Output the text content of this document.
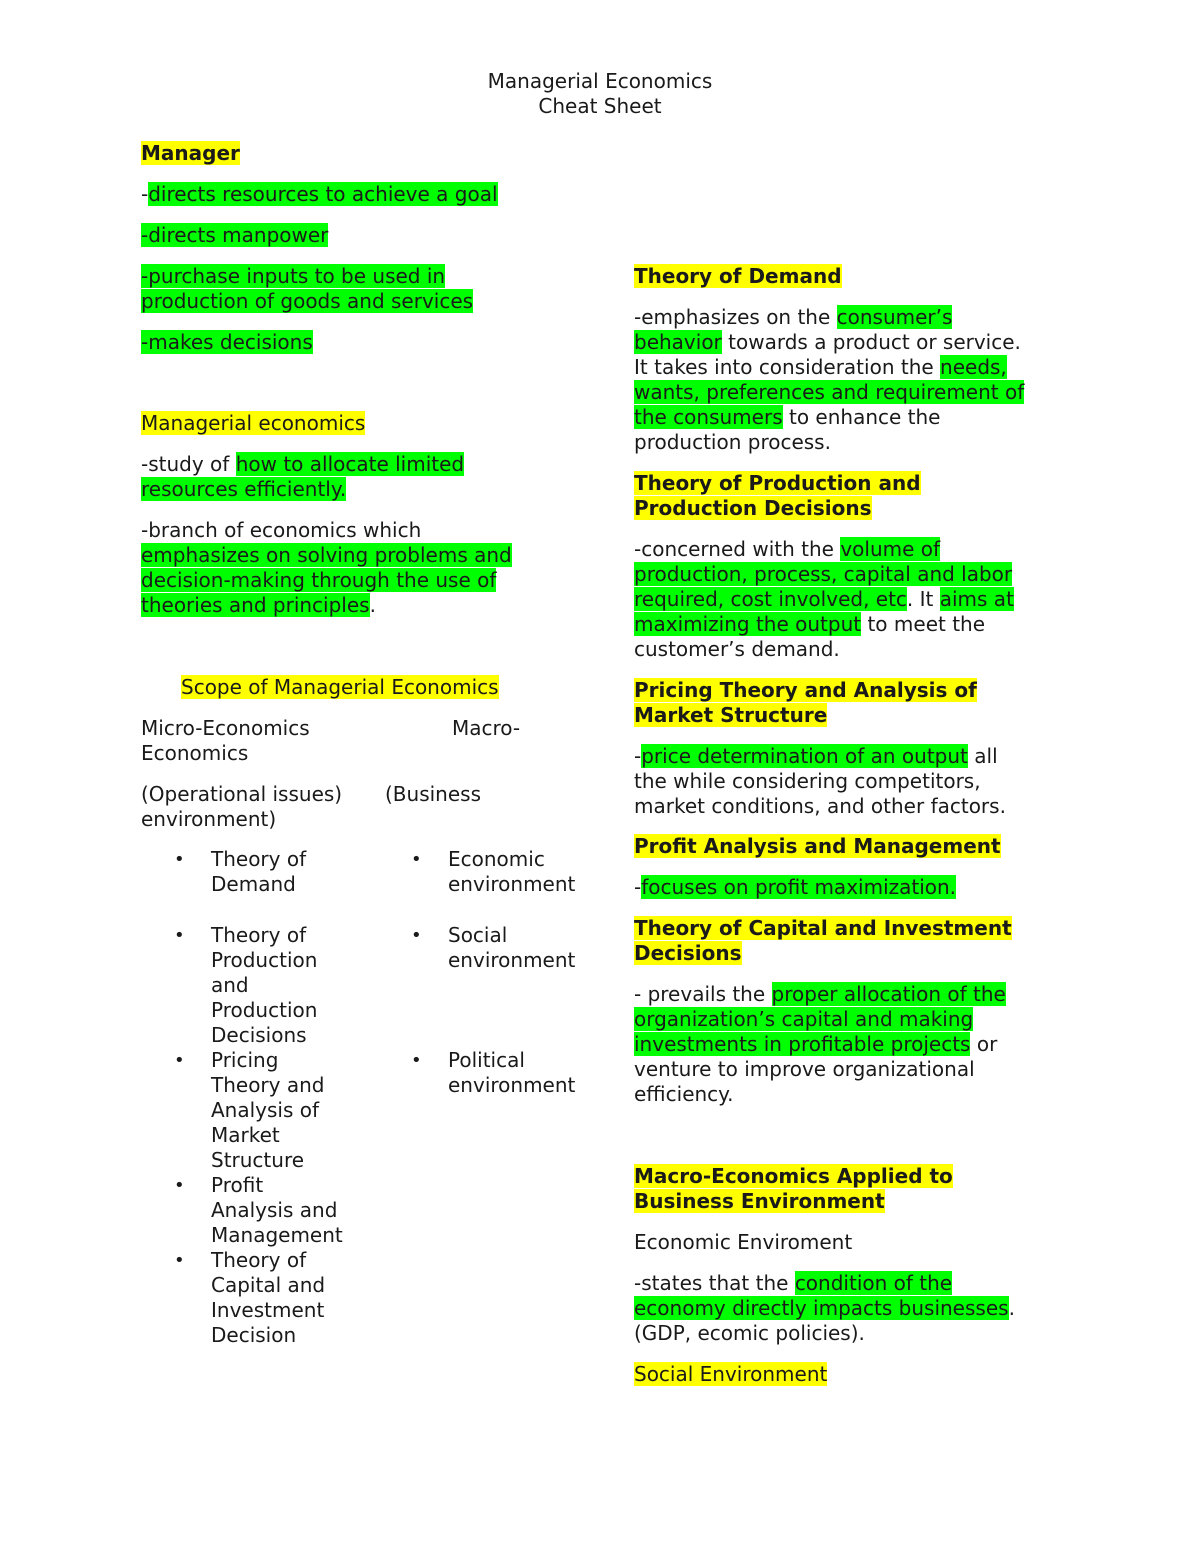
Managerial Economics
Cheat Sheet
Manager
-directs resources to achieve a goal
-directs manpower
-purchase inputs to be used in
production of goods and services
-makes decisions
Managerial economics
-study of how to allocate limited
resources efficiently.
-branch of economics which
emphasizes on solving problems and
decision-making through the use of
theories and principles.
Scope of Managerial Economics
Micro-Economics
Economics
Macro-
(Operational issues)
environment)
(Business
• Theory of
Demand
• Theory of
Production
and
Production
Decisions
• Pricing
Theory and
Analysis of
Market
Structure
• Profit
Analysis and
Management
• Theory of
Capital and
Investment
Decision
• Economic
environment
• Social
environment
• Political
environment
Theory of Demand
-emphasizes on the consumer’s
behavior towards a product or service.
It takes into consideration the needs,
wants, preferences and requirement of
the consumers to enhance the
production process.
Theory of Production and
Production Decisions
-concerned with the volume of
production, process, capital and labor
required, cost involved, etc. It aims at
maximizing the output to meet the
customer’s demand.
Pricing Theory and Analysis of
Market Structure
-price determination of an output all
the while considering competitors,
market conditions, and other factors.
Profit Analysis and Management
-focuses on profit maximization.
Theory of Capital and Investment
Decisions
- prevails the proper allocation of the
organization’s capital and making
investments in profitable projects or
venture to improve organizational
efficiency.
Macro-Economics Applied to
Business Environment
Economic Enviroment
-states that the condition of the
economy directly impacts businesses.
(GDP, ecomic policies).
Social Environment
